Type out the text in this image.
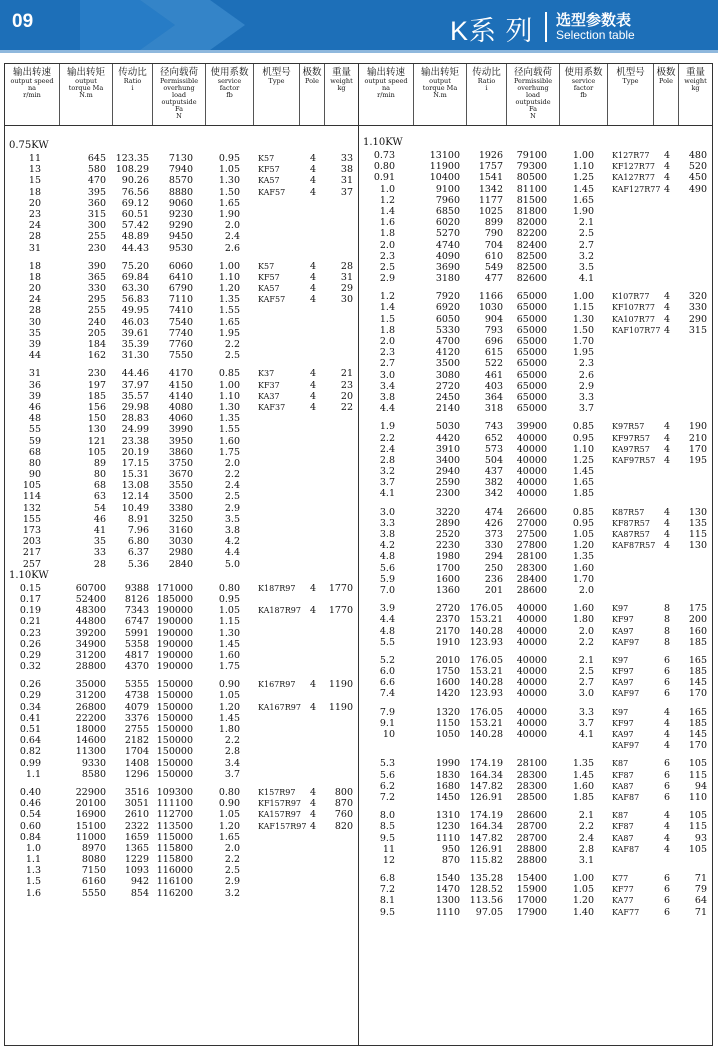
09	K系 列 选型参数表
Selection table
输出转速
output speed
na
r/min
输出转矩
output
torque Ma
N.m
传动比
Ratio
i
径向载荷
Permissible
overhung
load
outputside
Fa
N
使用系数
service
factor
fb
机型号
Type
极数
Pole
重量
weight
kg
输出转速
output speed
na
r/min
输出转矩
output
torque Ma
N.m
传动比
Ratio
i
径向载荷
Permissible
overhung
load
outputside
Fa
N
使用系数
service
factor
fb
机型号
Type
极数
Pole
重量
weight
kg
0.75KW
11	645 123.35 7130	0.95 K57	4	33
13	580 108.29 7940	1.05 KF57	4	38
15	470 90.26 8570	1.30 KA57	4	31
18	395 76.56 8880	1.50 KAF57	4	37
20	360 69.12 9060	1.65
23	315 60.51 9230	1.90
24	300 57.42 9290	2.0
28	255 48.89 9450	2.4
31	230 44.43 9530	2.6
18	390 75.20 6060	1.00 K57	4	28
18	365 69.84 6410	1.10 KF57	4	31
20	330 63.30 6790	1.20 KA57	4	29
24	295 56.83 7110	1.35 KAF57	4	30
28	255 49.95 7410	1.55
30	240 46.03 7540	1.65
35	205 39.61 7740	1.95
39	184 35.39 7760	2.2
44	162 31.30 7550	2.5
31	230 44.46 4170	0.85 K37	4	21
36	197 37.97 4150	1.00 KF37	4	23
39	185 35.57 4140	1.10 KA37	4	20
46	156 29.98 4080	1.30 KAF37	4	22
48	150 28.83 4060	1.35
55	130 24.99 3990	1.55
59	121 23.38 3950	1.60
68	105 20.19 3860	1.75
80	89 17.15 3750	2.0
90	80 15.31 3670	2.2
105	68 13.08 3550	2.4
114	63 12.14 3500	2.5
132	54 10.49 3380	2.9
155	46 8.91 3250	3.5
173	41 7.96 3160	3.8
203	35 6.80 3030	4.2
217	33 6.37 2980	4.4
257	28 5.36 2840	5.0
1.10KW
0.15	60700 9388 171000	0.80 K187R97 4 1770
0.17	52400 8126 185000	0.95
0.19	48300 7343 190000	1.05 KA187R97 4 1770
0.21	44800 6747 190000	1.15
0.23	39200 5991 190000	1.30
0.26	34900 5358 190000	1.45
0.29	31200 4817 190000	1.60
0.32	28800 4370 190000	1.75
0.26	35000 5355 150000	0.90 K167R97 4 1190
0.29	31200 4738 150000	1.05
0.34	26800 4079 150000	1.20 KA167R97 4 1190
0.41	22200 3376 150000	1.45
0.51	18000 2755 150000	1.80
0.64	14600 2182 150000	2.2
0.82	11300 1704 150000	2.8
0.99	9330 1408 150000	3.4
1.1	8580 1296 150000	3.7
0.40	22900 3516 109300	0.80 K157R97 4 800
0.46	20100 3051 111100	0.90 KF157R97 4 870
0.54	16900 2610 112700	1.05 KA157R97 4 760
0.60	15100 2322 113500	1.20 KAF157R97 4 820
0.84	11000 1659 115000	1.65
1.0	8970 1365 115800	2.0
1.1	8080 1229 115800	2.2
1.3	7150 1093 116000	2.5
1.5	6160	942 116100	2.9
1.6	5550	854 116200	3.2
1.10KW
0.73	13100 1926 79100	1.00 K127R77 4 480
0.80	11900 1757 79300	1.10 KF127R77 4 520
0.91	10400 1541 80500	1.25 KA127R77 4 450
1.0	9100 1342 81100	1.45 KAF127R77 4 490
1.2	7960 1177 81500	1.65
1.4	6850 1025 81800	1.90
1.6	6020	899 82000	2.1
1.8	5270	790 82200	2.5
2.0	4740	704 82400	2.7
2.3	4090	610 82500	3.2
2.5	3690	549 82500	3.5
2.9	3180	477 82600	4.1
1.2	7920 1166 65000	1.00 K107R77 4 320
1.4	6920 1030 65000	1.15 KF107R77 4 330
1.5	6050	904 65000	1.30 KA107R77 4 290
1.8	5330	793 65000	1.50 KAF107R77 4 315
2.0	4700	696 65000	1.70
2.3	4120	615 65000	1.95
2.7	3500	522 65000	2.3
3.0	3080	461 65000	2.6
3.4	2720	403 65000	2.9
3.8	2450	364 65000	3.3
4.4	2140	318 65000	3.7
1.9	5030	743 39900	0.85 K97R57 4 190
2.2	4420	652 40000	0.95 KF97R57 4 210
2.4	3910	573 40000	1.10 KA97R57 4 170
2.8	3400	504 40000	1.25 KAF97R57 4 195
3.2	2940	437 40000	1.45
3.7	2590	382 40000	1.65
4.1	2300	342 40000	1.85
3.0	3220	474 26600	0.85 K87R57 4 130
3.3	2890	426 27000	0.95 KF87R57 4 135
3.8	2520	373 27500	1.05 KA87R57 4 115
4.2	2230	330 27800	1.20 KAF87R57 4 130
4.8	1980	294 28100	1.35
5.6	1700	250 28300	1.60
5.9	1600	236 28400	1.70
7.0	1360	201 28600	2.0
3.9	2720 176.05 40000	1.60 K97	8 175
4.4	2370 153.21 40000	1.80 KF97	8 200
4.8	2170 140.28 40000	2.0 KA97	8 160
5.5	1910 123.93 40000	2.2 KAF97	8 185
5.2	2010 176.05 40000	2.1 K97	6 165
6.0	1750 153.21 40000	2.5 KF97	6 185
6.6	1600 140.28 40000	2.7 KA97	6 145
7.4	1420 123.93 40000	3.0 KAF97	6 170
7.9	1320 176.05 40000	3.3 K97	4 165
9.1	1150 153.21 40000	3.7 KF97	4 185
10	1050 140.28 40000	4.1 KA97	4 145
KAF97	4 170
5.3	1990 174.19 28100	1.35 K87	6 105
5.6	1830 164.34 28300	1.45 KF87	6 115
6.2	1680 147.82 28300	1.60 KA87	6	94
7.2	1450 126.91 28500	1.85 KAF87	6 110
8.0	1310 174.19 28600	2.1 K87	4 105
8.5	1230 164.34 28700	2.2 KF87	4 115
9.5	1110 147.82 28700	2.4 KA87	4	93
11	950 126.91 28800	2.8 KAF87	4 105
12	870 115.82 28800	3.1
6.8	1540 135.28 15400	1.00 K77	6	71
7.2	1470 128.52 15900	1.05 KF77	6	79
8.1	1300 113.56 17000	1.20 KA77	6	64
9.5	1110 97.05 17900	1.40 KAF77	6	71
